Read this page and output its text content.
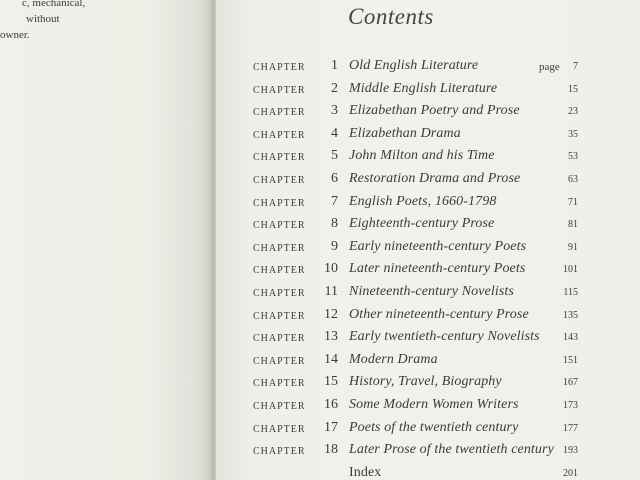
c, mechanical,
without
owner.
Contents
CHAPTER	1 Old English Literature	page 7
CHAPTER	2 Middle English Literature	15
CHAPTER	3 Elizabethan Poetry and Prose	23
CHAPTER	4 Elizabethan Drama	35
CHAPTER	5 John Milton and his Time	53
CHAPTER	6 Restoration Drama and Prose	63
CHAPTER	7 English Poets, 1660-1798	71
CHAPTER	8 Eighteenth-century Prose	81
CHAPTER	9 Early nineteenth-century Poets	91
CHAPTER	10 Later nineteenth-century Poets	101
CHAPTER	11 Nineteenth-century Novelists	115
CHAPTER	12 Other nineteenth-century Prose	135
CHAPTER	13 Early twentieth-century Novelists 143
CHAPTER	14 Modern Drama	151
CHAPTER	15 History, Travel, Biography	167
CHAPTER	16 Some Modern Women Writers	173
CHAPTER	17 Poets of the twentieth century	177
CHAPTER	18 Later Prose of the twentieth century 193
Index	201
